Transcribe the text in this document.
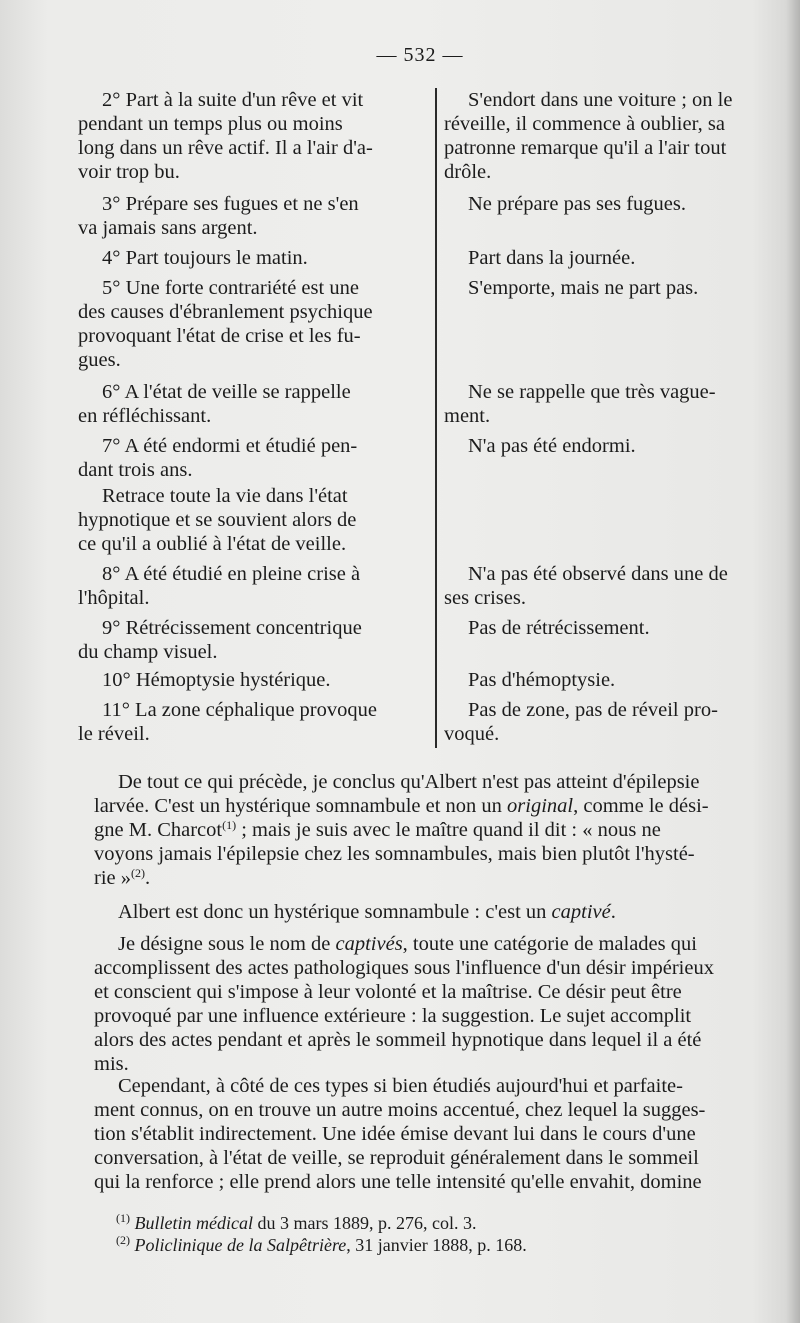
— 532 —
2° Part à la suite d'un rêve et vit
pendant un temps plus ou moins
long dans un rêve actif. Il a l'air d'a-
voir trop bu.
3° Prépare ses fugues et ne s'en
va jamais sans argent.
4° Part toujours le matin.
5° Une forte contrariété est une
des causes d'ébranlement psychique
provoquant l'état de crise et les fu-
gues.
6° A l'état de veille se rappelle
en réfléchissant.
7° A été endormi et étudié pen-
dant trois ans.
Retrace toute la vie dans l'état
hypnotique et se souvient alors de
ce qu'il a oublié à l'état de veille.
8° A été étudié en pleine crise à
l'hôpital.
9° Rétrécissement concentrique
du champ visuel.
10° Hémoptysie hystérique.
11° La zone céphalique provoque
le réveil.
S'endort dans une voiture ; on le
réveille, il commence à oublier, sa
patronne remarque qu'il a l'air tout
drôle.
Ne prépare pas ses fugues.
Part dans la journée.
S'emporte, mais ne part pas.
Ne se rappelle que très vague-
ment.
N'a pas été endormi.
N'a pas été observé dans une de
ses crises.
Pas de rétrécissement.
Pas d'hémoptysie.
Pas de zone, pas de réveil pro-
voqué.
De tout ce qui précède, je conclus qu'Albert n'est pas atteint d'épilepsie
larvée. C'est un hystérique somnambule et non un original, comme le dési-
gne M. Charcot$^{(1)}$ ; mais je suis avec le maître quand il dit : « nous ne
voyons jamais l'épilepsie chez les somnambules, mais bien plutôt l'hysté-
rie »$^{(2)}$.
Albert est donc un hystérique somnambule : c'est un captivé.
Je désigne sous le nom de captivés, toute une catégorie de malades qui
accomplissent des actes pathologiques sous l'influence d'un désir impérieux
et conscient qui s'impose à leur volonté et la maîtrise. Ce désir peut être
provoqué par une influence extérieure : la suggestion. Le sujet accomplit
alors des actes pendant et après le sommeil hypnotique dans lequel il a été
mis.
Cependant, à côté de ces types si bien étudiés aujourd'hui et parfaite-
ment connus, on en trouve un autre moins accentué, chez lequel la sugges-
tion s'établit indirectement. Une idée émise devant lui dans le cours d'une
conversation, à l'état de veille, se reproduit généralement dans le sommeil
qui la renforce ; elle prend alors une telle intensité qu'elle envahit, domine
$^{(1)}$ Bulletin médical du 3 mars 1889, p. 276, col. 3.
$^{(2)}$ Policlinique de la Salpêtrière, 31 janvier 1888, p. 168.
